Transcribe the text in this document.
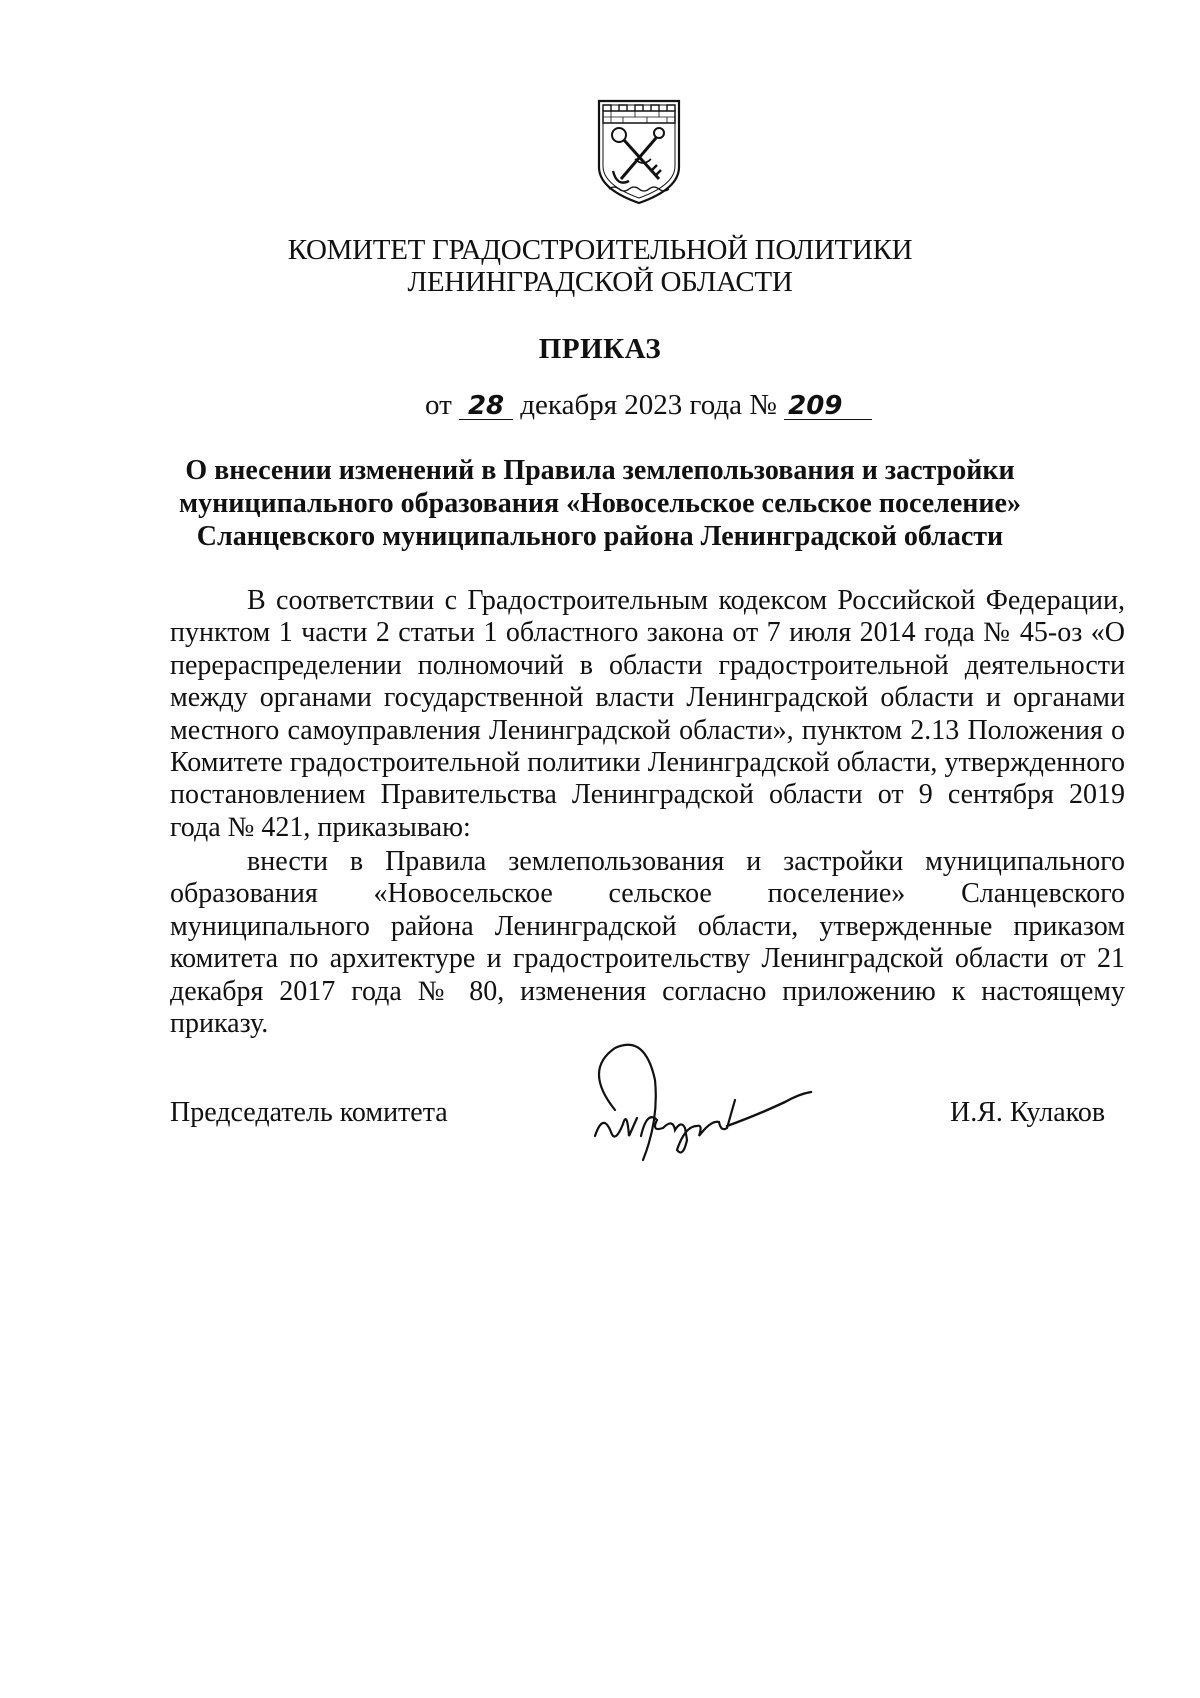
КОМИТЕТ ГРАДОСТРОИТЕЛЬНОЙ ПОЛИТИКИ
ЛЕНИНГРАДСКОЙ ОБЛАСТИ
ПРИКАЗ
от 28 декабря 2023 года № 209
О внесении изменений в Правила землепользования и застройки
муниципального образования «Новосельское сельское поселение»
Сланцевского муниципального района Ленинградской области
В соответствии с Градостроительным кодексом Российской Федерации, пунктом 1 части 2 статьи 1 областного закона от 7 июля 2014 года № 45-оз «О перераспределении полномочий в области градостроительной деятельности между органами государственной власти Ленинградской области и органами местного самоуправления Ленинградской области», пунктом 2.13 Положения о Комитете градостроительной политики Ленинградской области, утвержденного постановлением Правительства Ленинградской области от 9 сентября 2019 года № 421, приказываю:
внести в Правила землепользования и застройки муниципального образования «Новосельское сельское поселение» Сланцевского муниципального района Ленинградской области, утвержденные приказом комитета по архитектуре и градостроительству Ленинградской области от 21 декабря 2017 года № 80, изменения согласно приложению к настоящему приказу.
Председатель комитета	И.Я. Кулаков
